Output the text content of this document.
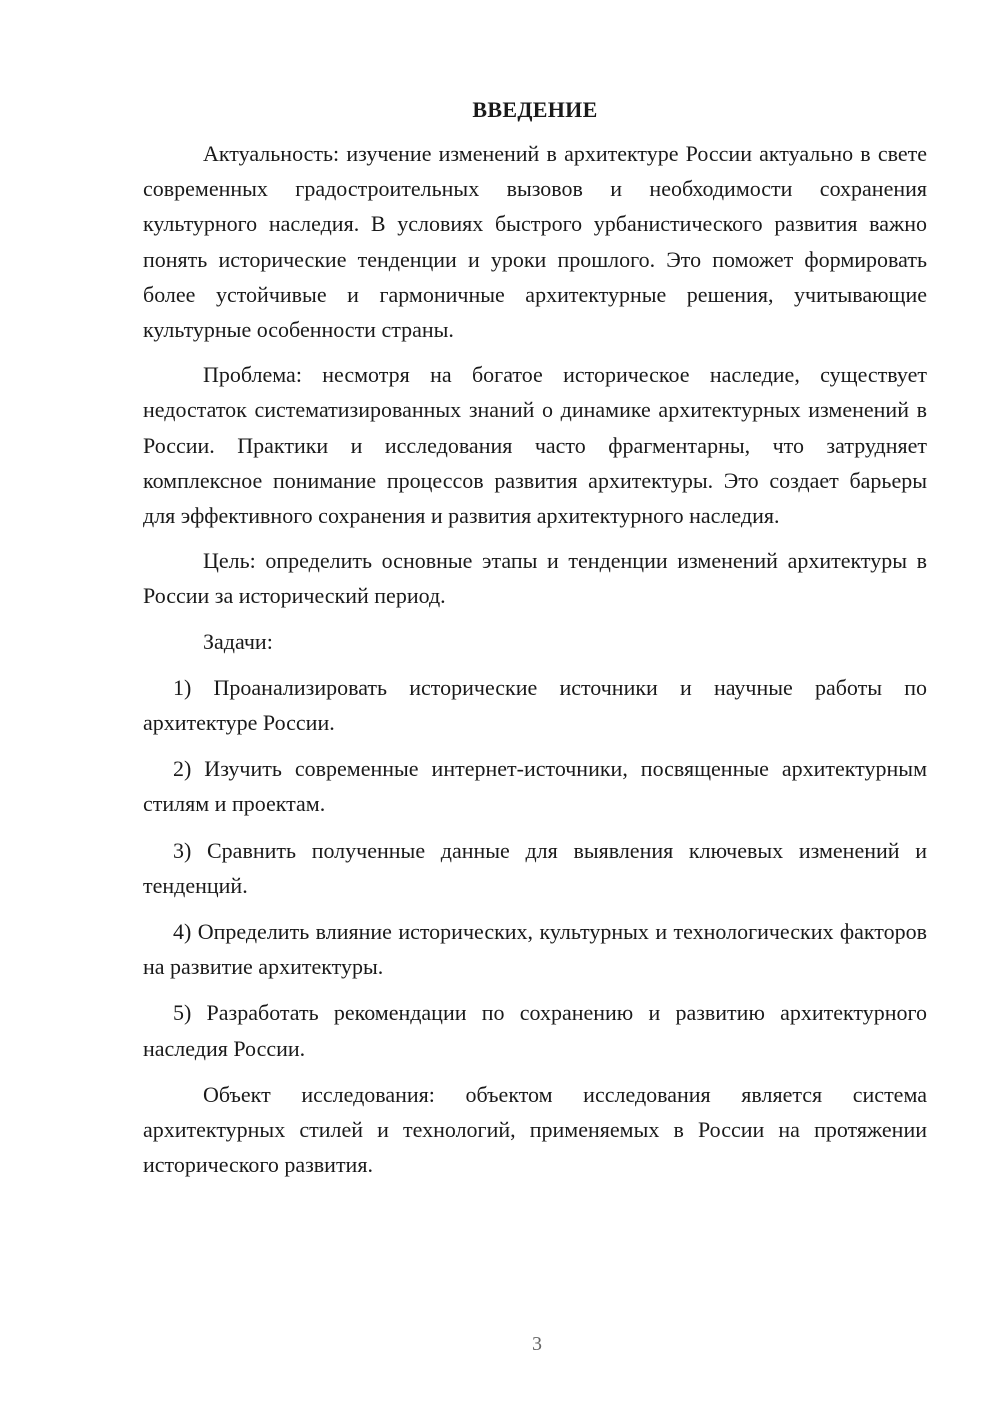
ВВЕДЕНИЕ

Актуальность: изучение изменений в архитектуре России актуально в свете современных градостроительных вызовов и необходимости сохранения культурного наследия. В условиях быстрого урбанистического развития важно понять исторические тенденции и уроки прошлого. Это поможет формировать более устойчивые и гармоничные архитектурные решения, учитывающие культурные особенности страны.

Проблема: несмотря на богатое историческое наследие, существует недостаток систематизированных знаний о динамике архитектурных изменений в России. Практики и исследования часто фрагментарны, что затрудняет комплексное понимание процессов развития архитектуры. Это создает барьеры для эффективного сохранения и развития архитектурного наследия.

Цель: определить основные этапы и тенденции изменений архитектуры в России за исторический период.

Задачи:

1) Проанализировать исторические источники и научные работы по архитектуре России.

2) Изучить современные интернет-источники, посвященные архитектурным стилям и проектам.

3) Сравнить полученные данные для выявления ключевых изменений и тенденций.

4) Определить влияние исторических, культурных и технологических факторов на развитие архитектуры.

5) Разработать рекомендации по сохранению и развитию архитектурного наследия России.

Объект исследования: объектом исследования является система архитектурных стилей и технологий, применяемых в России на протяжении исторического развития.

3
